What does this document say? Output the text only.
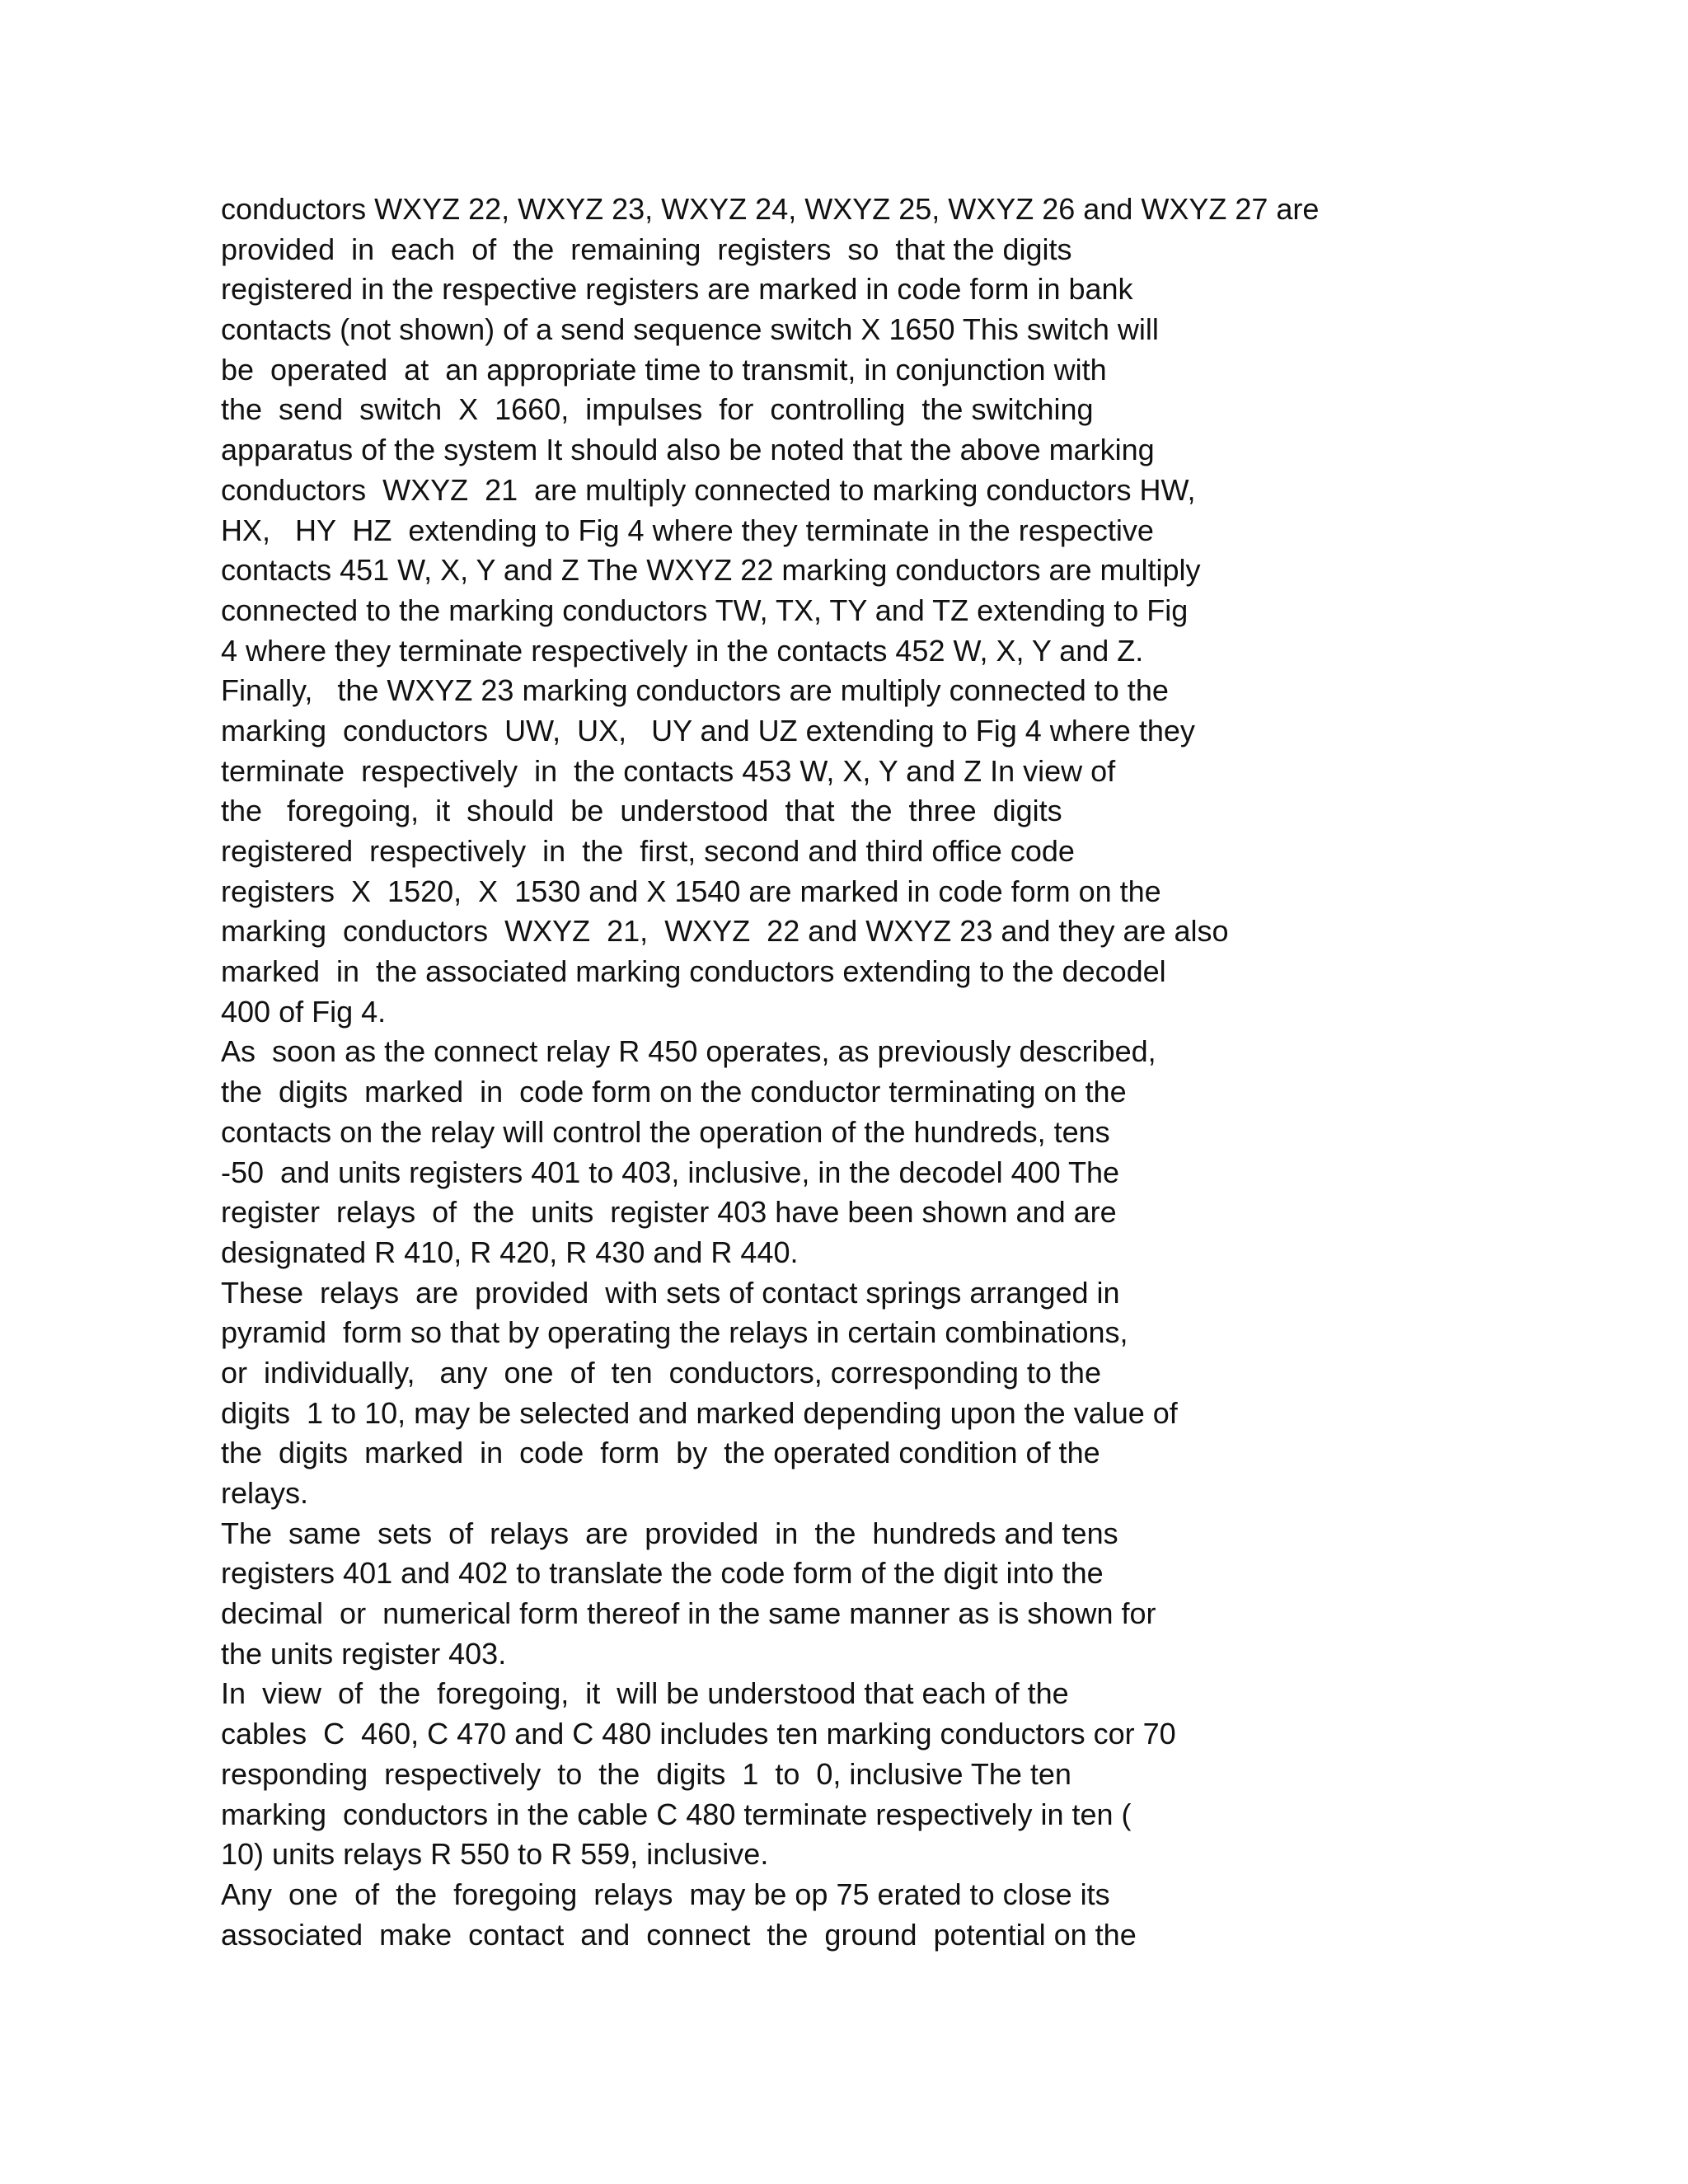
conductors WXYZ 22, WXYZ 23, WXYZ 24, WXYZ 25, WXYZ 26 and WXYZ 27 are
provided  in  each  of  the  remaining  registers  so  that the digits
registered in the respective registers are marked in code form in bank
contacts (not shown) of a send sequence switch X 1650 This switch will
be  operated  at  an appropriate time to transmit, in conjunction with
the  send  switch  X  1660,  impulses  for  controlling  the switching
apparatus of the system It should also be noted that the above marking
conductors  WXYZ  21  are multiply connected to marking conductors HW,
HX,   HY  HZ  extending to Fig 4 where they terminate in the respective
contacts 451 W, X, Y and Z The WXYZ 22 marking conductors are multiply
connected to the marking conductors TW, TX, TY and TZ extending to Fig
4 where they terminate respectively in the contacts 452 W, X, Y and Z.
Finally,   the WXYZ 23 marking conductors are multiply connected to the
marking  conductors  UW,  UX,   UY and UZ extending to Fig 4 where they
terminate  respectively  in  the contacts 453 W, X, Y and Z In view of
the   foregoing,  it  should  be  understood  that  the  three  digits
registered  respectively  in  the  first, second and third office code
registers  X  1520,  X  1530 and X 1540 are marked in code form on the
marking  conductors  WXYZ  21,  WXYZ  22 and WXYZ 23 and they are also
marked  in  the associated marking conductors extending to the decodel
400 of Fig 4.
As  soon as the connect relay R 450 operates, as previously described,
the  digits  marked  in  code form on the conductor terminating on the
contacts on the relay will control the operation of the hundreds, tens
-50  and units registers 401 to 403, inclusive, in the decodel 400 The
register  relays  of  the  units  register 403 have been shown and are
designated R 410, R 420, R 430 and R 440.
These  relays  are  provided  with sets of contact springs arranged in
pyramid  form so that by operating the relays in certain combinations,
or  individually,   any  one  of  ten  conductors, corresponding to the
digits  1 to 10, may be selected and marked depending upon the value of
the  digits  marked  in  code  form  by  the operated condition of the
relays.
The  same  sets  of  relays  are  provided  in  the  hundreds and tens
registers 401 and 402 to translate the code form of the digit into the
decimal  or  numerical form thereof in the same manner as is shown for
the units register 403.
In  view  of  the  foregoing,  it  will be understood that each of the
cables  C  460, C 470 and C 480 includes ten marking conductors cor 70
responding  respectively  to  the  digits  1  to  0, inclusive The ten
marking  conductors in the cable C 480 terminate respectively in ten (
10) units relays R 550 to R 559, inclusive.
Any  one  of  the  foregoing  relays  may be op 75 erated to close its
associated  make  contact  and  connect  the  ground  potential on the
